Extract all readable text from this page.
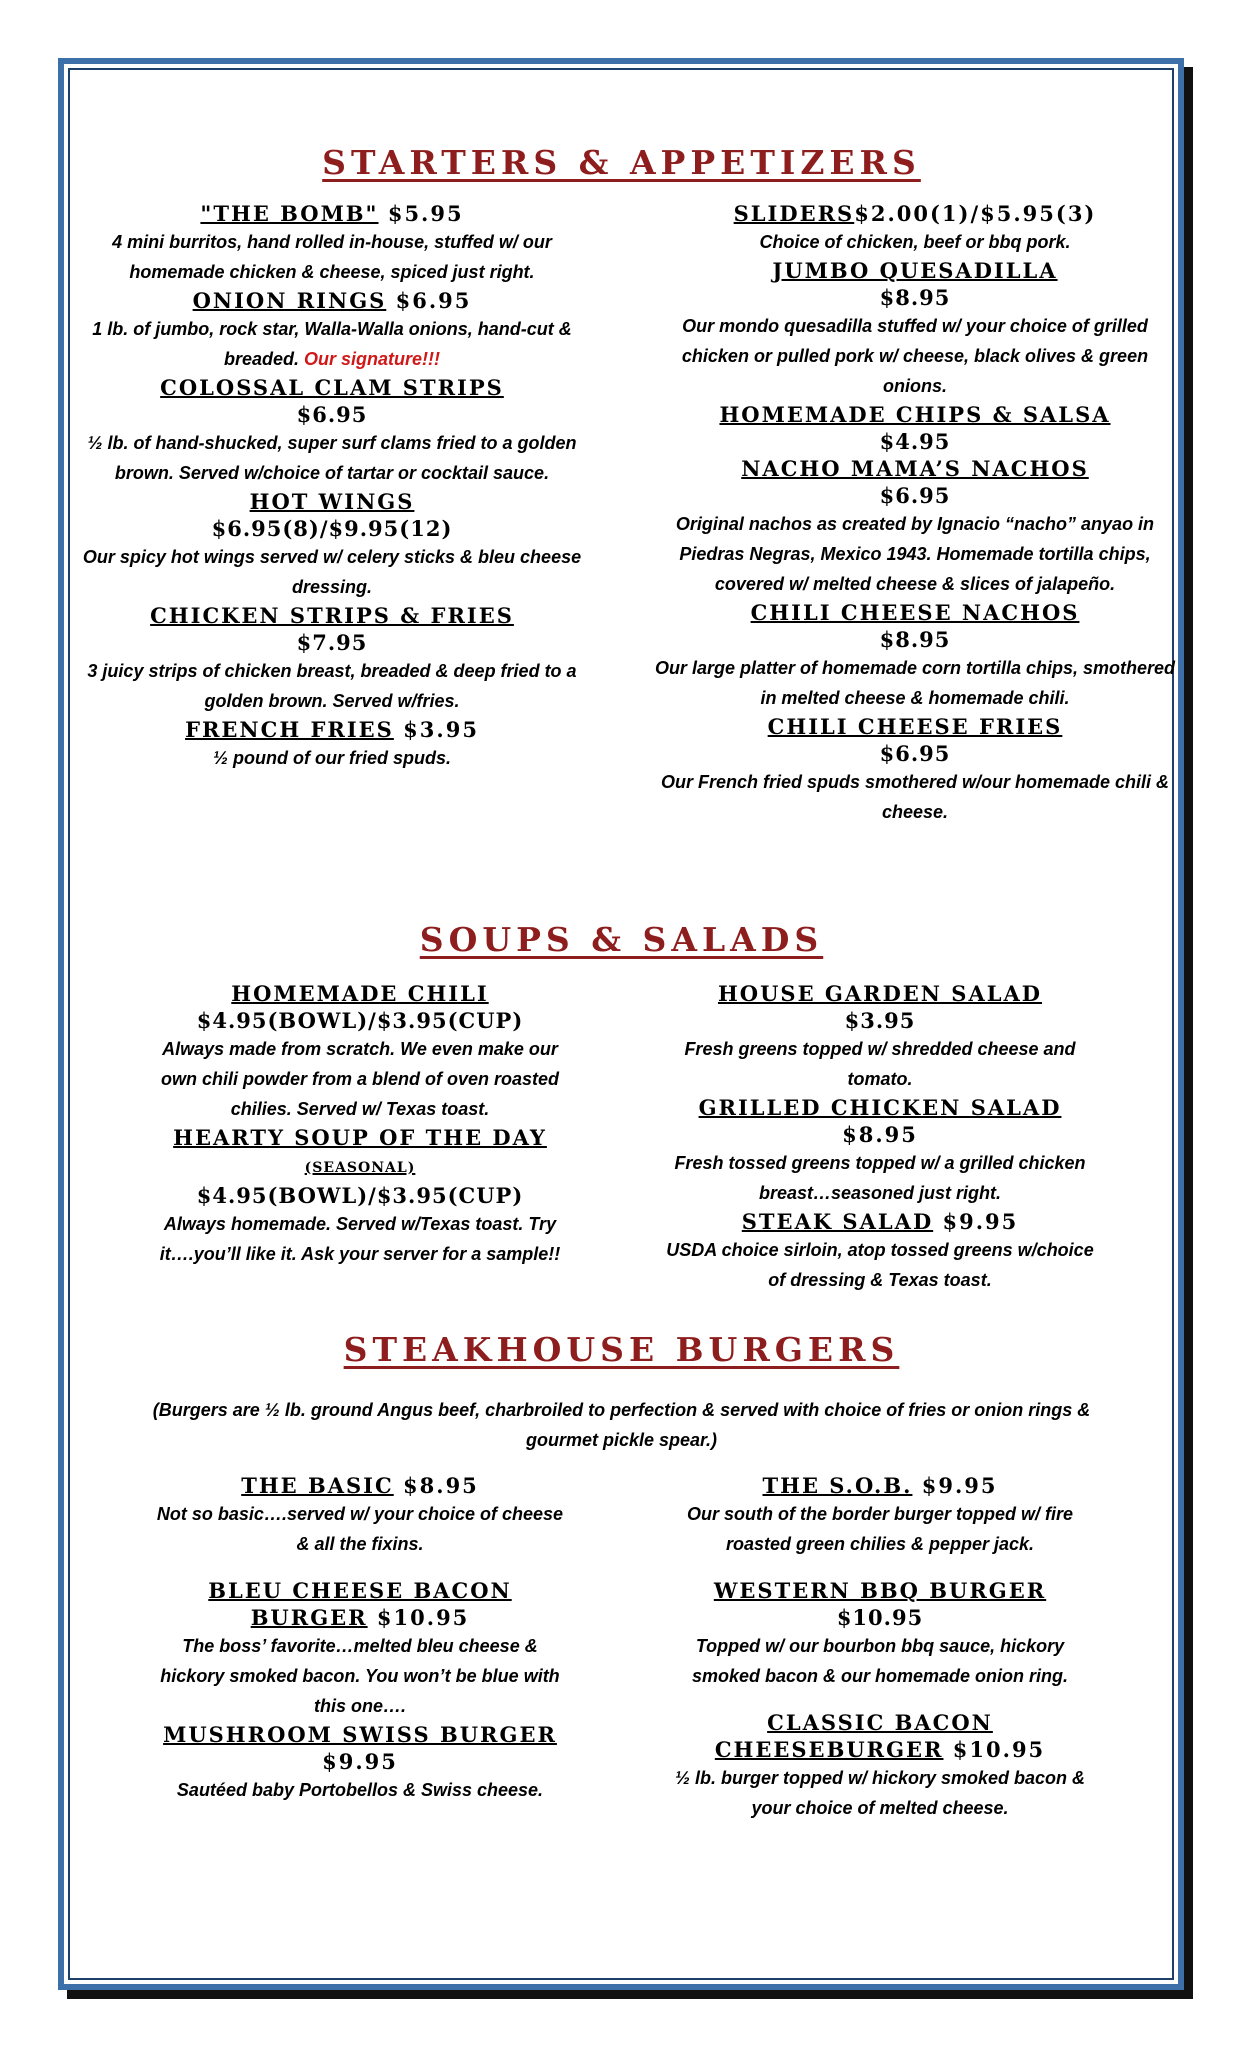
STARTERS & APPETIZERS
"THE BOMB" $5.95

4 mini burritos, hand rolled in-house, stuffed w/ our homemade chicken & cheese, spiced just right.

ONION RINGS $6.95

1 lb. of jumbo, rock star, Walla-Walla onions, hand-cut & breaded. Our signature!!!

COLOSSAL CLAM STRIPS
$6.95

½ lb. of hand-shucked, super surf clams fried to a golden brown. Served w/choice of tartar or cocktail sauce.

HOT WINGS
$6.95(8)/$9.95(12)

Our spicy hot wings served w/ celery sticks & bleu cheese dressing.

CHICKEN STRIPS & FRIES
$7.95

3 juicy strips of chicken breast, breaded & deep fried to a golden brown. Served w/fries.

FRENCH FRIES $3.95

½ pound of our fried spuds.

SLIDERS$2.00(1)/$5.95(3)

Choice of chicken, beef or bbq pork.

JUMBO QUESADILLA
$8.95

Our mondo quesadilla stuffed w/ your choice of grilled chicken or pulled pork w/ cheese, black olives & green onions.

HOMEMADE CHIPS & SALSA
$4.95
NACHO MAMA’S NACHOS
$6.95

Original nachos as created by Ignacio “nacho” anyao in Piedras Negras, Mexico 1943. Homemade tortilla chips, covered w/ melted cheese & slices of jalapeño.

CHILI CHEESE NACHOS
$8.95

Our large platter of homemade corn tortilla chips, smothered in melted cheese & homemade chili.

CHILI CHEESE FRIES
$6.95

Our French fried spuds smothered w/our homemade chili & cheese.

SOUPS & SALADS
HOMEMADE CHILI
$4.95(BOWL)/$3.95(CUP)

Always made from scratch. We even make our own chili powder from a blend of oven roasted chilies. Served w/ Texas toast.

HEARTY SOUP OF THE DAY (SEASONAL)
$4.95(BOWL)/$3.95(CUP)

Always homemade. Served w/Texas toast. Try it….you’ll like it. Ask your server for a sample!!

HOUSE GARDEN SALAD
$3.95

Fresh greens topped w/ shredded cheese and tomato.

GRILLED CHICKEN SALAD $8.95

Fresh tossed greens topped w/ a grilled chicken breast…seasoned just right.

STEAK SALAD $9.95

USDA choice sirloin, atop tossed greens w/choice of dressing & Texas toast.

STEAKHOUSE BURGERS
(Burgers are ½ lb. ground Angus beef, charbroiled to perfection & served with choice of fries or onion rings & gourmet pickle spear.)
THE BASIC $8.95

Not so basic….served w/ your choice of cheese & all the fixins.

BLEU CHEESE BACON BURGER $10.95

The boss’ favorite…melted bleu cheese & hickory smoked bacon. You won’t be blue with this one….

MUSHROOM SWISS BURGER $9.95

Sautéed baby Portobellos & Swiss cheese.

THE S.O.B. $9.95

Our south of the border burger topped w/ fire roasted green chilies & pepper jack.

WESTERN BBQ BURGER
$10.95

Topped w/ our bourbon bbq sauce, hickory smoked bacon & our homemade onion ring.

CLASSIC BACON CHEESEBURGER $10.95

½ lb. burger topped w/ hickory smoked bacon & your choice of melted cheese.
